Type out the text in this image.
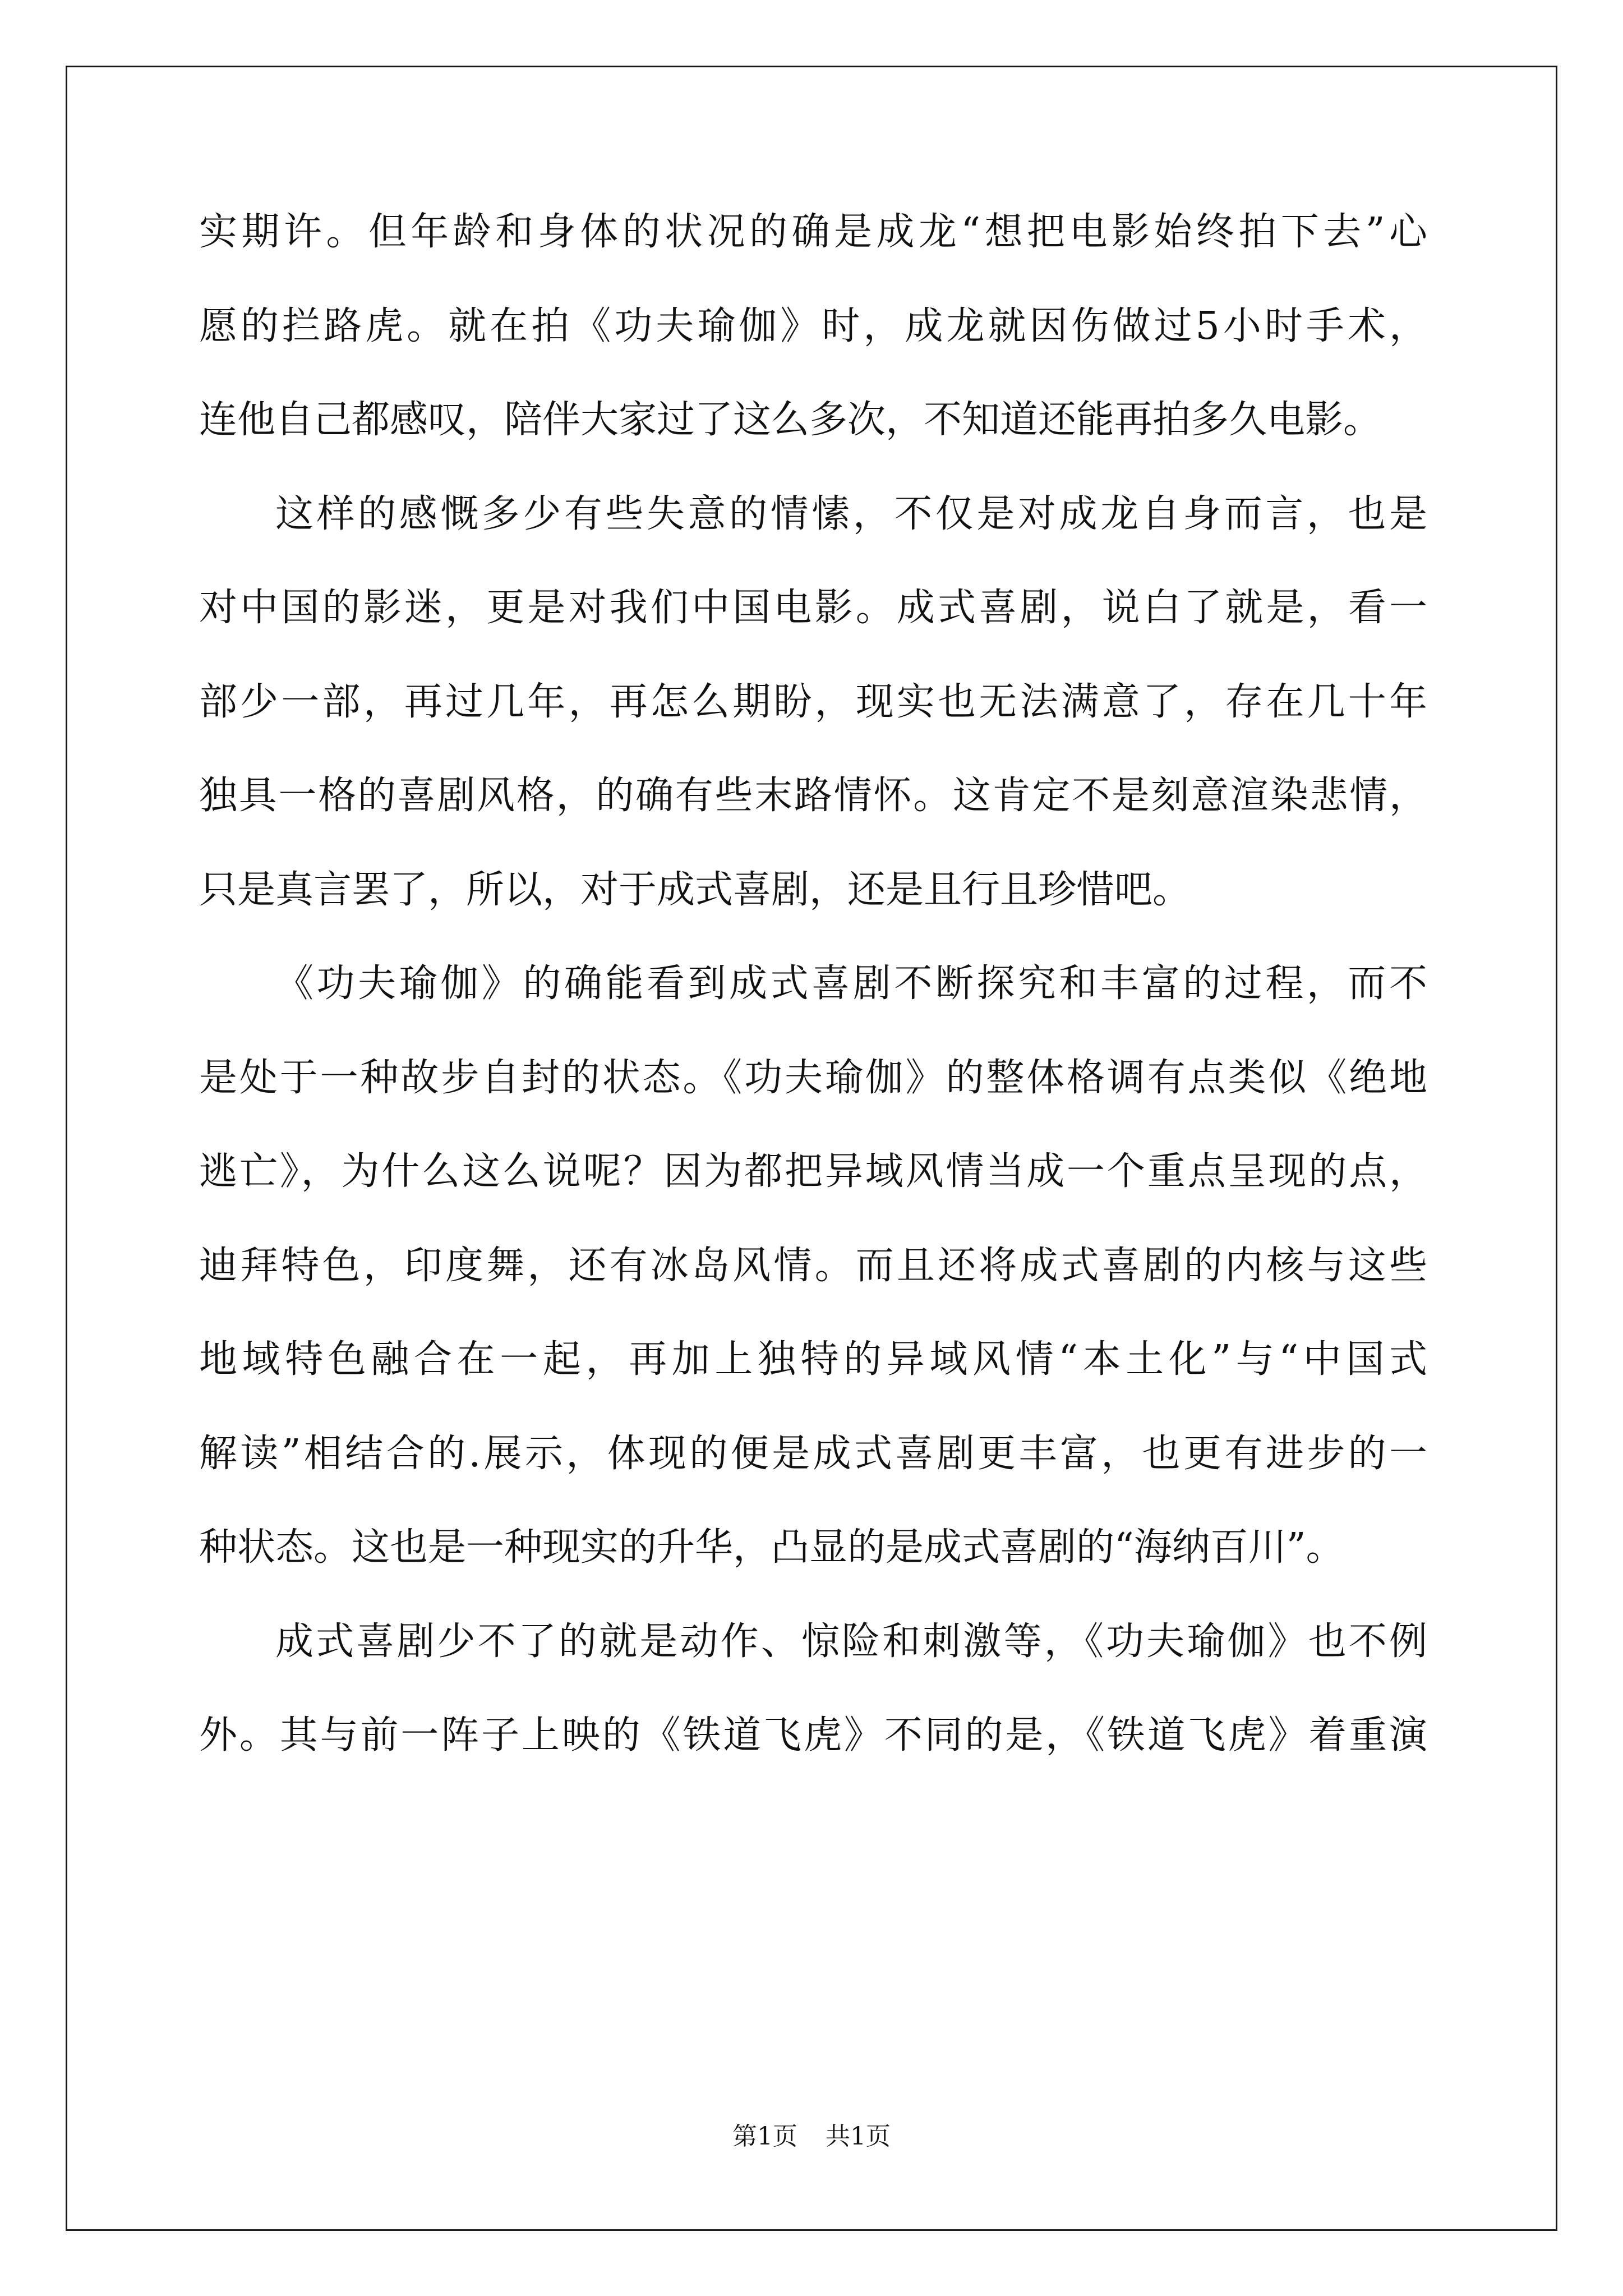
实期许。但年龄和身体的状况的确是成龙“想把电影始终拍下去”心
愿的拦路虎。就在拍《功夫瑜伽》时，成龙就因伤做过5小时手术，
连他自己都感叹，陪伴大家过了这么多次，不知道还能再拍多久电影。
这样的感慨多少有些失意的情愫，不仅是对成龙自身而言，也是
对中国的影迷，更是对我们中国电影。成式喜剧，说白了就是，看一
部少一部，再过几年，再怎么期盼，现实也无法满意了，存在几十年
独具一格的喜剧风格，的确有些末路情怀。这肯定不是刻意渲染悲情，
只是真言罢了，所以，对于成式喜剧，还是且行且珍惜吧。
《功夫瑜伽》的确能看到成式喜剧不断探究和丰富的过程，而不
是处于一种故步自封的状态。《功夫瑜伽》的整体格调有点类似《绝地
逃亡》，为什么这么说呢？因为都把异域风情当成一个重点呈现的点，
迪拜特色，印度舞，还有冰岛风情。而且还将成式喜剧的内核与这些
地域特色融合在一起，再加上独特的异域风情“本土化”与“中国式
解读”相结合的.展示，体现的便是成式喜剧更丰富，也更有进步的一
种状态。这也是一种现实的升华，凸显的是成式喜剧的“海纳百川”。
成式喜剧少不了的就是动作、惊险和刺激等，《功夫瑜伽》也不例
外。其与前一阵子上映的《铁道飞虎》不同的是，《铁道飞虎》着重演
第1页 共1页
